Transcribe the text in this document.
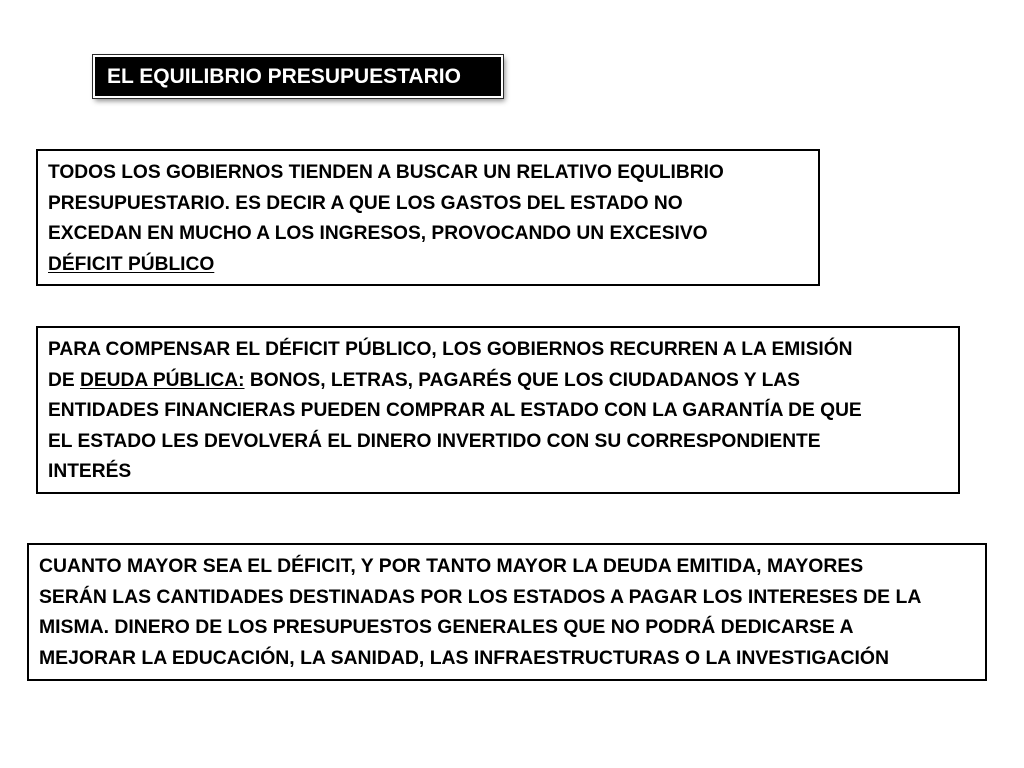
EL EQUILIBRIO PRESUPUESTARIO
TODOS LOS GOBIERNOS TIENDEN A BUSCAR UN RELATIVO EQULIBRIO
PRESUPUESTARIO. ES DECIR A QUE LOS GASTOS DEL ESTADO NO
EXCEDAN EN MUCHO A LOS INGRESOS, PROVOCANDO UN EXCESIVO
DÉFICIT PÚBLICO
PARA COMPENSAR EL DÉFICIT PÚBLICO, LOS GOBIERNOS RECURREN A LA EMISIÓN
DE DEUDA PÚBLICA: BONOS, LETRAS, PAGARÉS QUE LOS CIUDADANOS Y LAS
ENTIDADES FINANCIERAS PUEDEN COMPRAR AL ESTADO CON LA GARANTÍA DE QUE
EL ESTADO LES DEVOLVERÁ EL DINERO INVERTIDO CON SU CORRESPONDIENTE
INTERÉS
CUANTO MAYOR SEA EL DÉFICIT, Y POR TANTO MAYOR LA DEUDA EMITIDA, MAYORES
SERÁN LAS CANTIDADES DESTINADAS POR LOS ESTADOS A PAGAR LOS INTERESES DE LA
MISMA. DINERO DE LOS PRESUPUESTOS GENERALES QUE NO PODRÁ DEDICARSE A
MEJORAR LA EDUCACIÓN, LA SANIDAD, LAS INFRAESTRUCTURAS O LA INVESTIGACIÓN
